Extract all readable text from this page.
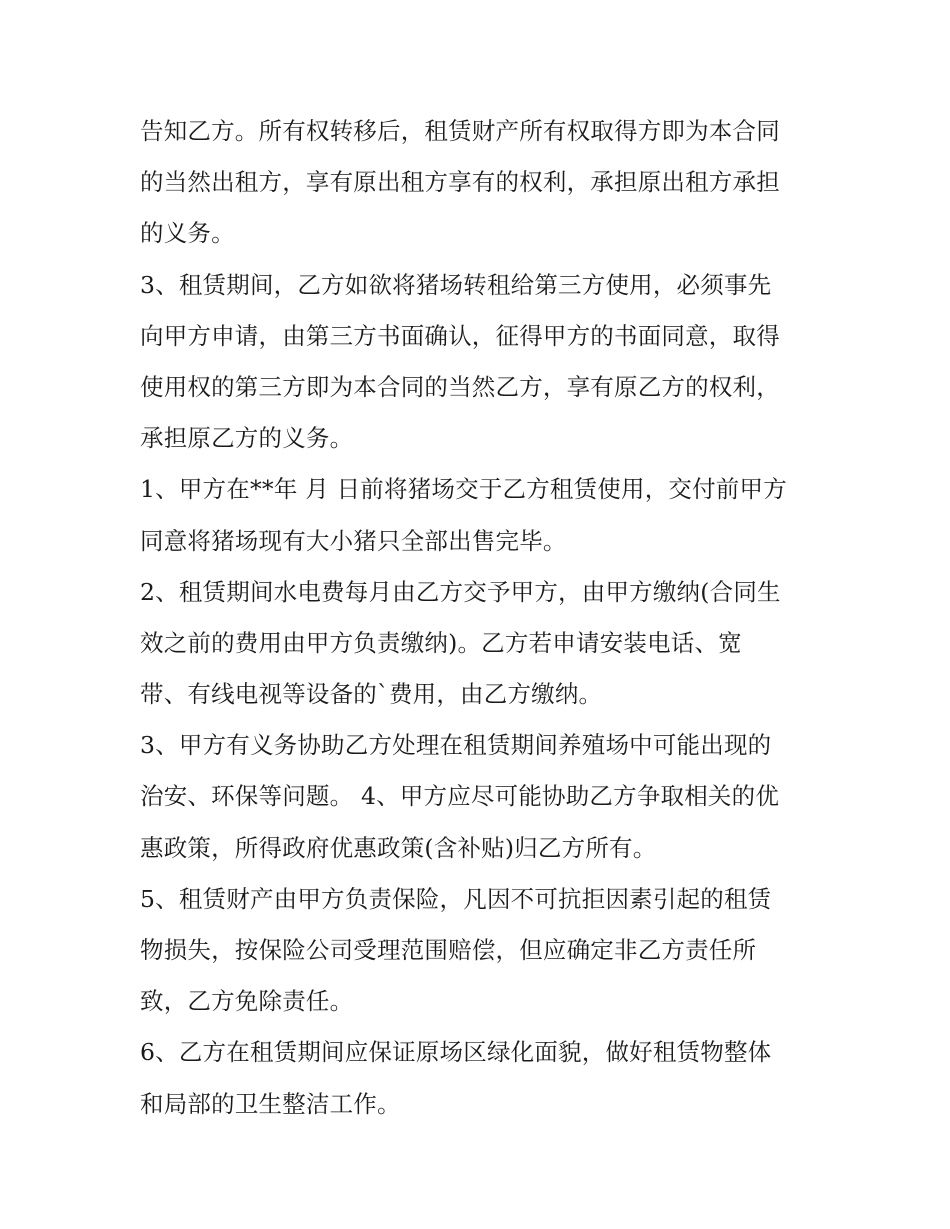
告知乙方。所有权转移后，租赁财产所有权取得方即为本合同
的当然出租方，享有原出租方享有的权利，承担原出租方承担
的义务。
3、租赁期间，乙方如欲将猪场转租给第三方使用，必须事先
向甲方申请，由第三方书面确认，征得甲方的书面同意，取得
使用权的第三方即为本合同的当然乙方，享有原乙方的权利，
承担原乙方的义务。
1、甲方在**年 月 日前将猪场交于乙方租赁使用，交付前甲方
同意将猪场现有大小猪只全部出售完毕。
2、租赁期间水电费每月由乙方交予甲方，由甲方缴纳(合同生
效之前的费用由甲方负责缴纳)。乙方若申请安装电话、宽
带、有线电视等设备的`费用，由乙方缴纳。
3、甲方有义务协助乙方处理在租赁期间养殖场中可能出现的
治安、环保等问题。 4、甲方应尽可能协助乙方争取相关的优
惠政策，所得政府优惠政策(含补贴)归乙方所有。
5、租赁财产由甲方负责保险，凡因不可抗拒因素引起的租赁
物损失，按保险公司受理范围赔偿，但应确定非乙方责任所
致，乙方免除责任。
6、乙方在租赁期间应保证原场区绿化面貌，做好租赁物整体
和局部的卫生整洁工作。
